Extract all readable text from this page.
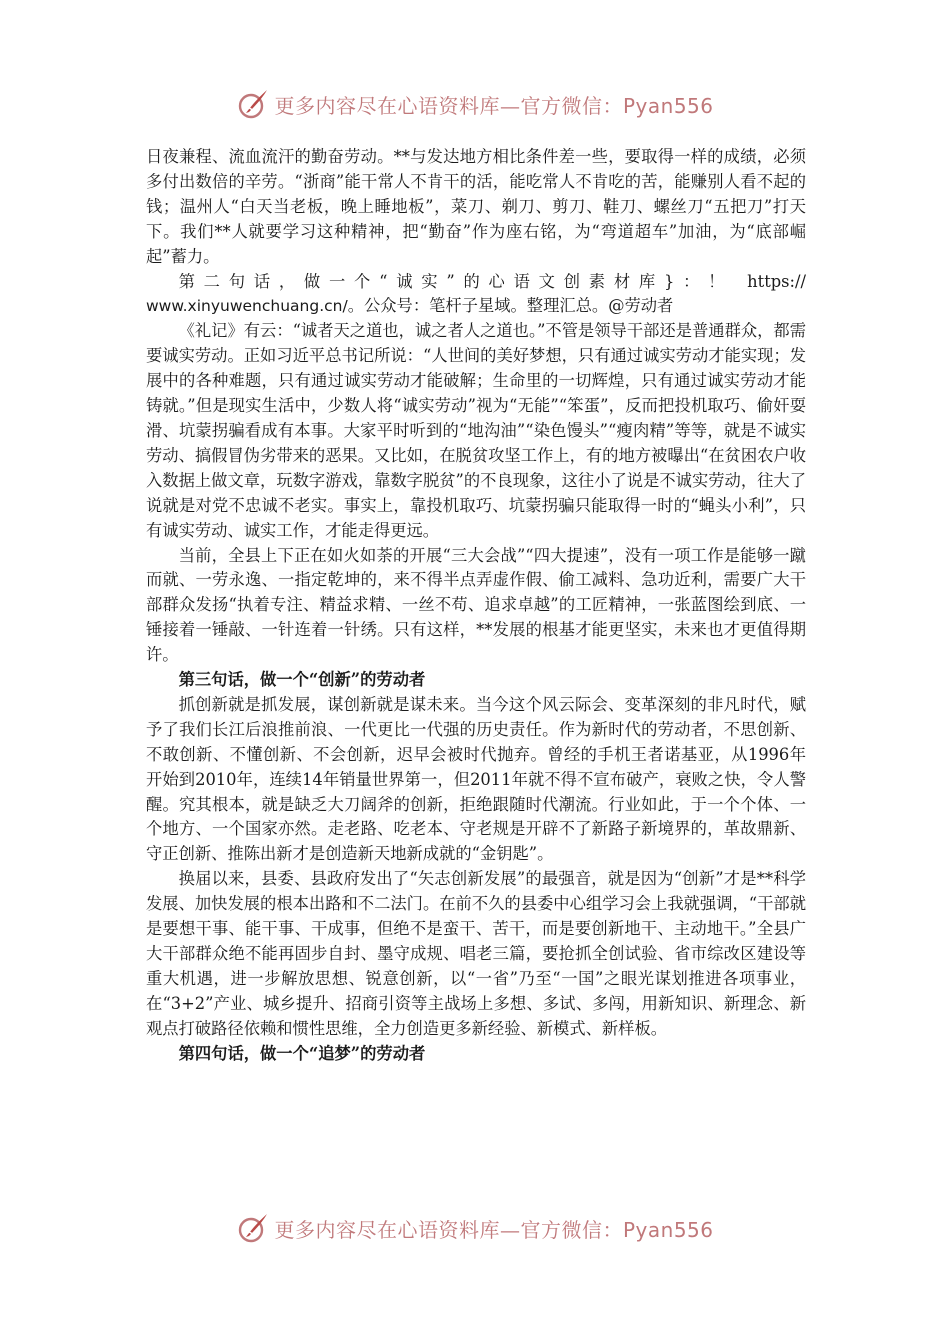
更多内容尽在心语资料库—官方微信：Pyan556

日夜兼程、流血流汗的勤奋劳动。**与发达地方相比条件差一些，要取得一样的成绩，必须多付出数倍的辛劳。“浙商”能干常人不肯干的活，能吃常人不肯吃的苦，能赚别人看不起的钱；温州人“白天当老板，晚上睡地板”，菜刀、剃刀、剪刀、鞋刀、螺丝刀“五把刀”打天下。我们**人就要学习这种精神，把“勤奋”作为座右铭，为“弯道超车”加油，为“底部崛起”蓄力。

第二句话，做一个“诚实”的心语文创素材库}：！ https://

www.xinyuwenchuang.cn/。公众号：笔杆子星域。整理汇总。@劳动者

《礼记》有云：“诚者天之道也，诚之者人之道也。”不管是领导干部还是普通群众，都需要诚实劳动。正如习近平总书记所说：“人世间的美好梦想，只有通过诚实劳动才能实现；发展中的各种难题，只有通过诚实劳动才能破解；生命里的一切辉煌，只有通过诚实劳动才能铸就。”但是现实生活中，少数人将“诚实劳动”视为“无能”“笨蛋”，反而把投机取巧、偷奸耍滑、坑蒙拐骗看成有本事。大家平时听到的“地沟油”“染色馒头”“瘦肉精”等等，就是不诚实劳动、搞假冒伪劣带来的恶果。又比如，在脱贫攻坚工作上，有的地方被曝出“在贫困农户收入数据上做文章，玩数字游戏，靠数字脱贫”的不良现象，这往小了说是不诚实劳动，往大了说就是对党不忠诚不老实。事实上，靠投机取巧、坑蒙拐骗只能取得一时的“蝇头小利”，只有诚实劳动、诚实工作，才能走得更远。

当前，全县上下正在如火如荼的开展“三大会战”“四大提速”，没有一项工作是能够一蹴而就、一劳永逸、一指定乾坤的，来不得半点弄虚作假、偷工减料、急功近利，需要广大干部群众发扬“执着专注、精益求精、一丝不苟、追求卓越”的工匠精神，一张蓝图绘到底、一锤接着一锤敲、一针连着一针绣。只有这样，**发展的根基才能更坚实，未来也才更值得期许。

第三句话，做一个“创新”的劳动者

抓创新就是抓发展，谋创新就是谋未来。当今这个风云际会、变革深刻的非凡时代，赋予了我们长江后浪推前浪、一代更比一代强的历史责任。作为新时代的劳动者，不思创新、不敢创新、不懂创新、不会创新，迟早会被时代抛弃。曾经的手机王者诺基亚，从1996年开始到2010年，连续14年销量世界第一，但2011年就不得不宣布破产，衰败之快，令人警醒。究其根本，就是缺乏大刀阔斧的创新，拒绝跟随时代潮流。行业如此，于一个个体、一个地方、一个国家亦然。走老路、吃老本、守老规是开辟不了新路子新境界的，革故鼎新、守正创新、推陈出新才是创造新天地新成就的“金钥匙”。

换届以来，县委、县政府发出了“矢志创新发展”的最强音，就是因为“创新”才是**科学发展、加快发展的根本出路和不二法门。在前不久的县委中心组学习会上我就强调，“干部就是要想干事、能干事、干成事，但绝不是蛮干、苦干，而是要创新地干、主动地干。”全县广大干部群众绝不能再固步自封、墨守成规、唱老三篇，要抢抓全创试验、省市综改区建设等重大机遇，进一步解放思想、锐意创新，以“一省”乃至“一国”之眼光谋划推进各项事业，在“3+2”产业、城乡提升、招商引资等主战场上多想、多试、多闯，用新知识、新理念、新观点打破路径依赖和惯性思维，全力创造更多新经验、新模式、新样板。

第四句话，做一个“追梦”的劳动者

更多内容尽在心语资料库—官方微信：Pyan556
